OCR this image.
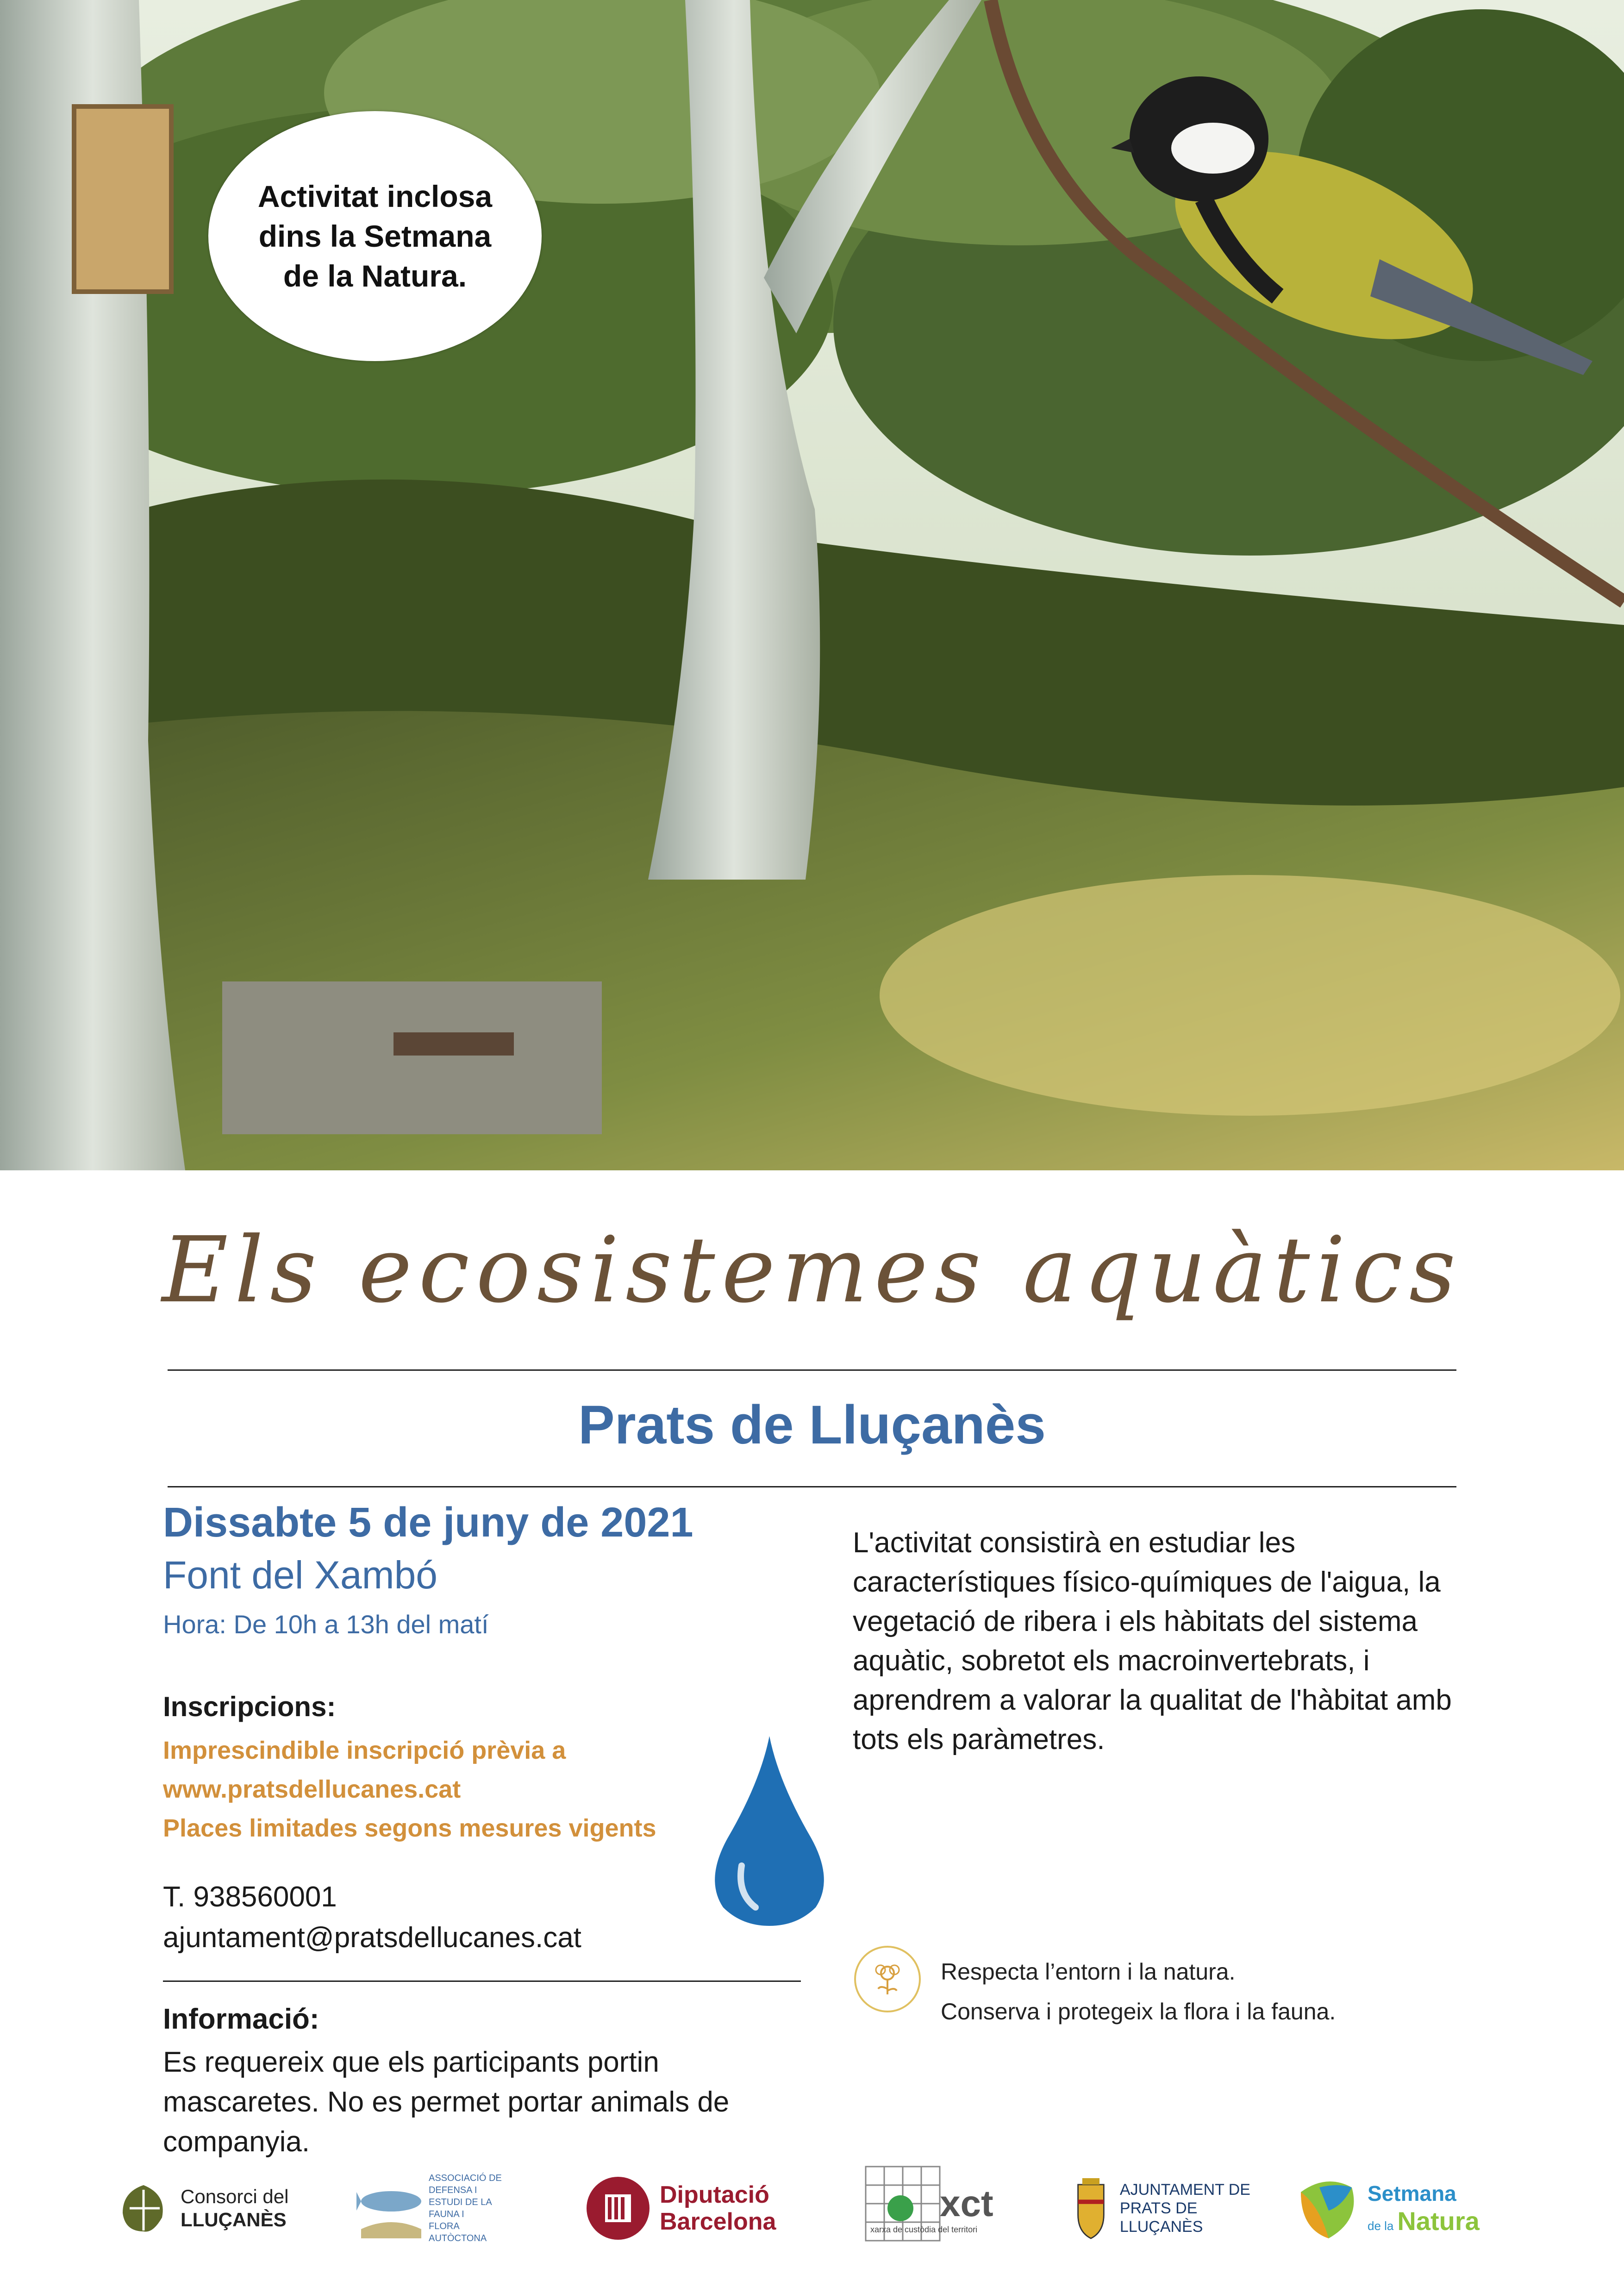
Activitat inclosa
dins la Setmana
de la Natura.
Els ecosistemes aquàtics
Prats de Lluçanès
Dissabte 5 de juny de 2021
Font del Xambó
Hora: De 10h a 13h del matí
Inscripcions:
Imprescindible inscripció prèvia a
www.pratsdellucanes.cat
Places limitades segons mesures vigents
T. 938560001
ajuntament@pratsdellucanes.cat
Informació:
Es requereix que els participants portin mascaretes. No es permet portar animals de companyia.
L'activitat consistirà en estudiar les característiques físico-químiques de l'aigua, la vegetació de ribera i els hàbitats del sistema aquàtic, sobretot els macroinvertebrats, i aprendrem a valorar la qualitat de l'hàbitat amb tots els paràmetres.
Respecta l’entorn i la natura.
Conserva i protegeix la flora i la fauna.
Consorci del
LLUÇANÈS
ASSOCIACIÓ DE
DEFENSA I
ESTUDI DE LA
FAUNA I
FLORA
AUTÒCTONA
Diputació
Barcelona	xct
xarxa de custòdia del territori
AJUNTAMENT DE
PRATS DE LLUÇANÈS
Setmana
de la Natura
